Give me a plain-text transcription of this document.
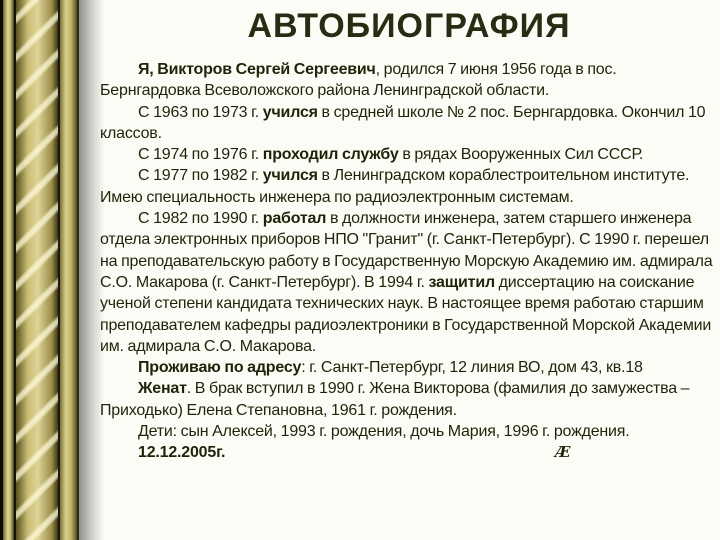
АВТОБИОГРАФИЯ

Я, Викторов Сергей Сергеевич, родился 7 июня 1956 года в пос. Бернгардовка Всеволожского района Ленинградской области.

С 1963 по 1973 г. учился в средней школе № 2 пос. Бернгардовка. Окончил 10 классов.

С 1974 по 1976 г. проходил службу в рядах Вооруженных Сил СССР.

С 1977 по 1982 г. учился в Ленинградском кораблестроительном институте. Имею специальность инженера по радиоэлектронным системам.

С 1982 по 1990 г. работал в должности инженера, затем старшего инженера отдела электронных приборов НПО "Гранит" (г. Санкт-Петербург). С 1990 г. перешел на преподавательскую работу в Государственную Морскую Академию им. адмирала С.О. Макарова (г. Санкт-Петербург). В 1994 г. защитил диссертацию на соискание ученой степени кандидата технических наук. В настоящее время работаю старшим преподавателем кафедры радиоэлектроники в Государственной Морской Академии им. адмирала С.О. Макарова.

Проживаю по адресу: г. Санкт-Петербург, 12 линия ВО, дом 43, кв.18

Женат. В брак вступил в 1990 г. Жена Викторова (фамилия до замужества – Приходько) Елена Степановна, 1961 г. рождения.

Дети: сын Алексей, 1993 г. рождения, дочь Мария, 1996 г. рождения.

12.12.2005г.	Æ
